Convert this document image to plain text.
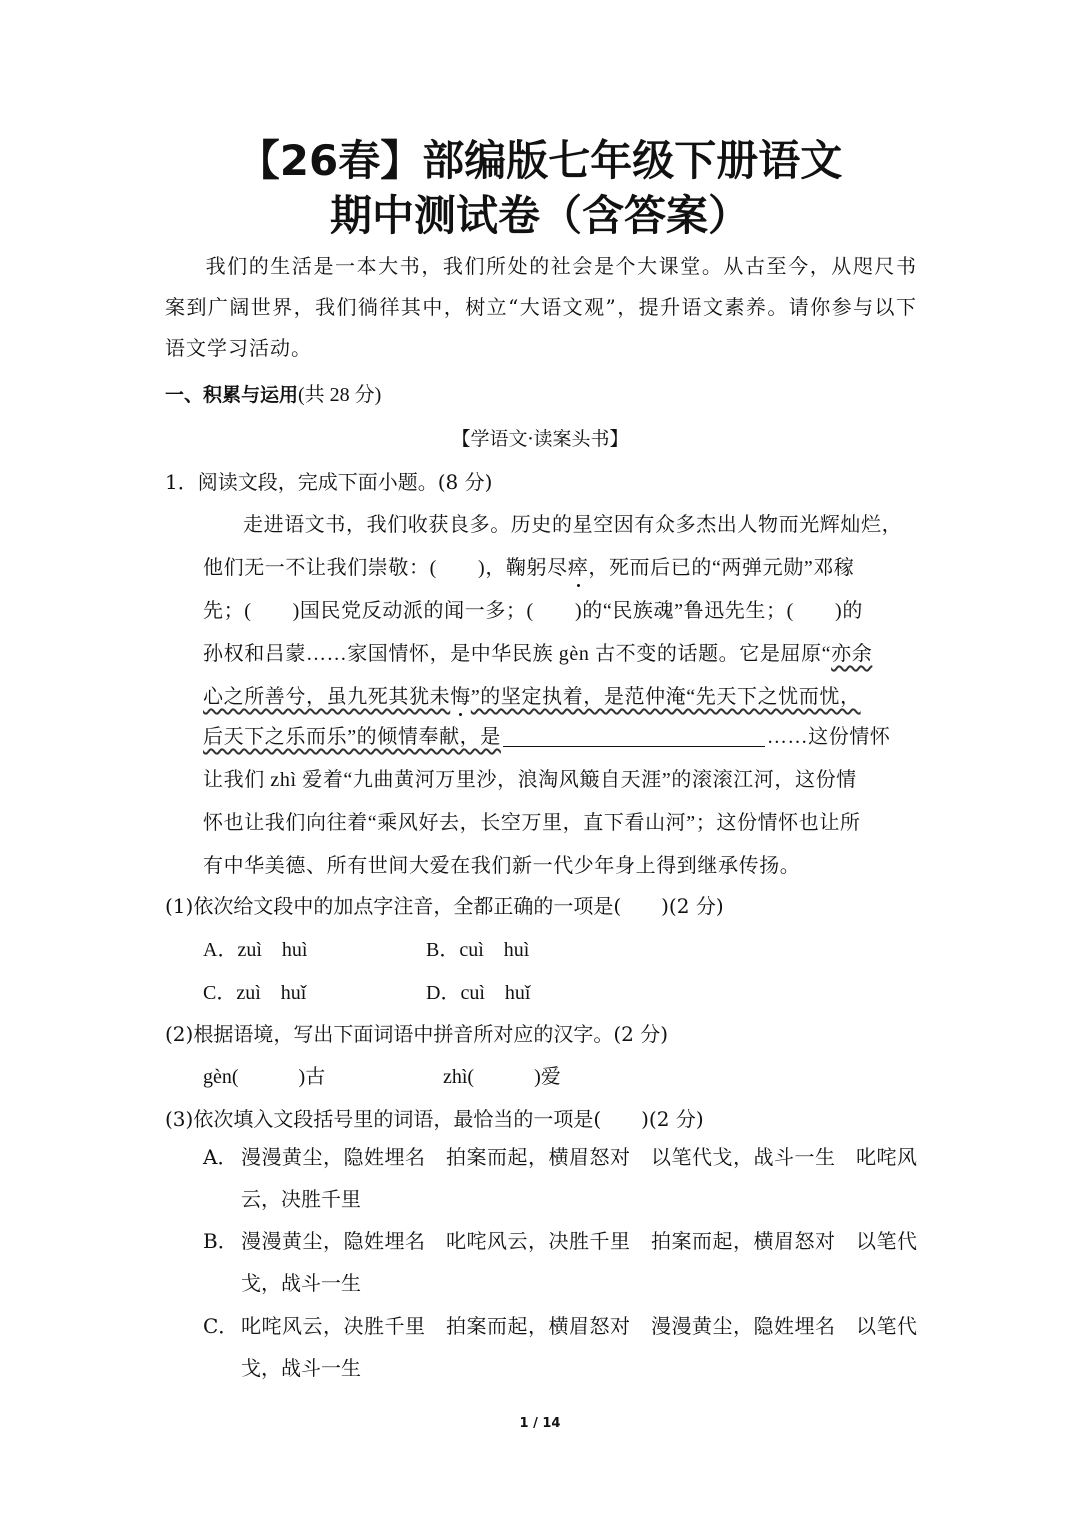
【26春】部编版七年级下册语文
期中测试卷（含答案）

我们的生活是一本大书，我们所处的社会是个大课堂。从古至今，从咫尺书案到广阔世界，我们徜徉其中，树立“大语文观”，提升语文素养。请你参与以下语文学习活动。

一、积累与运用(共 28 分)

【学语文·读案头书】

1．阅读文段，完成下面小题。(8 分)

走进语文书，我们收获良多。历史的星空因有众多杰出人物而光辉灿烂，
他们无一不让我们崇敬：(　　)，鞠躬尽瘁，死而后已的“两弹元勋”邓稼
先；(　　)国民党反动派的闻一多；(　　)的“民族魂”鲁迅先生；(　　)的
孙权和吕蒙……家国情怀，是中华民族 gèn 古不变的话题。它是屈原“亦余
心之所善兮，虽九死其犹未悔”的坚定执着，是范仲淹“先天下之忧而忧，
后天下之乐而乐”的倾情奉献，是	……这份情怀
让我们 zhì 爱着“九曲黄河万里沙，浪淘风簸自天涯”的滚滚江河，这份情
怀也让我们向往着“乘风好去，长空万里，直下看山河”；这份情怀也让所
有中华美德、所有世间大爱在我们新一代少年身上得到继承传扬。

(1)依次给文段中的加点字注音，全都正确的一项是(　　)(2 分)

A．zuì　huì	B．cuì　huì

C．zuì　huǐ	D．cuì　huǐ

(2)根据语境，写出下面词语中拼音所对应的汉字。(2 分)

gèn(　　　)古	zhì(　　　)爱

(3)依次填入文段括号里的词语，最恰当的一项是(　　)(2 分)

A． 漫漫黄尘，隐姓埋名　拍案而起，横眉怒对　以笔代戈，战斗一生　叱咤风云，决胜千里
B． 漫漫黄尘，隐姓埋名　叱咤风云，决胜千里　拍案而起，横眉怒对　以笔代戈，战斗一生
C． 叱咤风云，决胜千里　拍案而起，横眉怒对　漫漫黄尘，隐姓埋名　以笔代戈，战斗一生

1 / 14
